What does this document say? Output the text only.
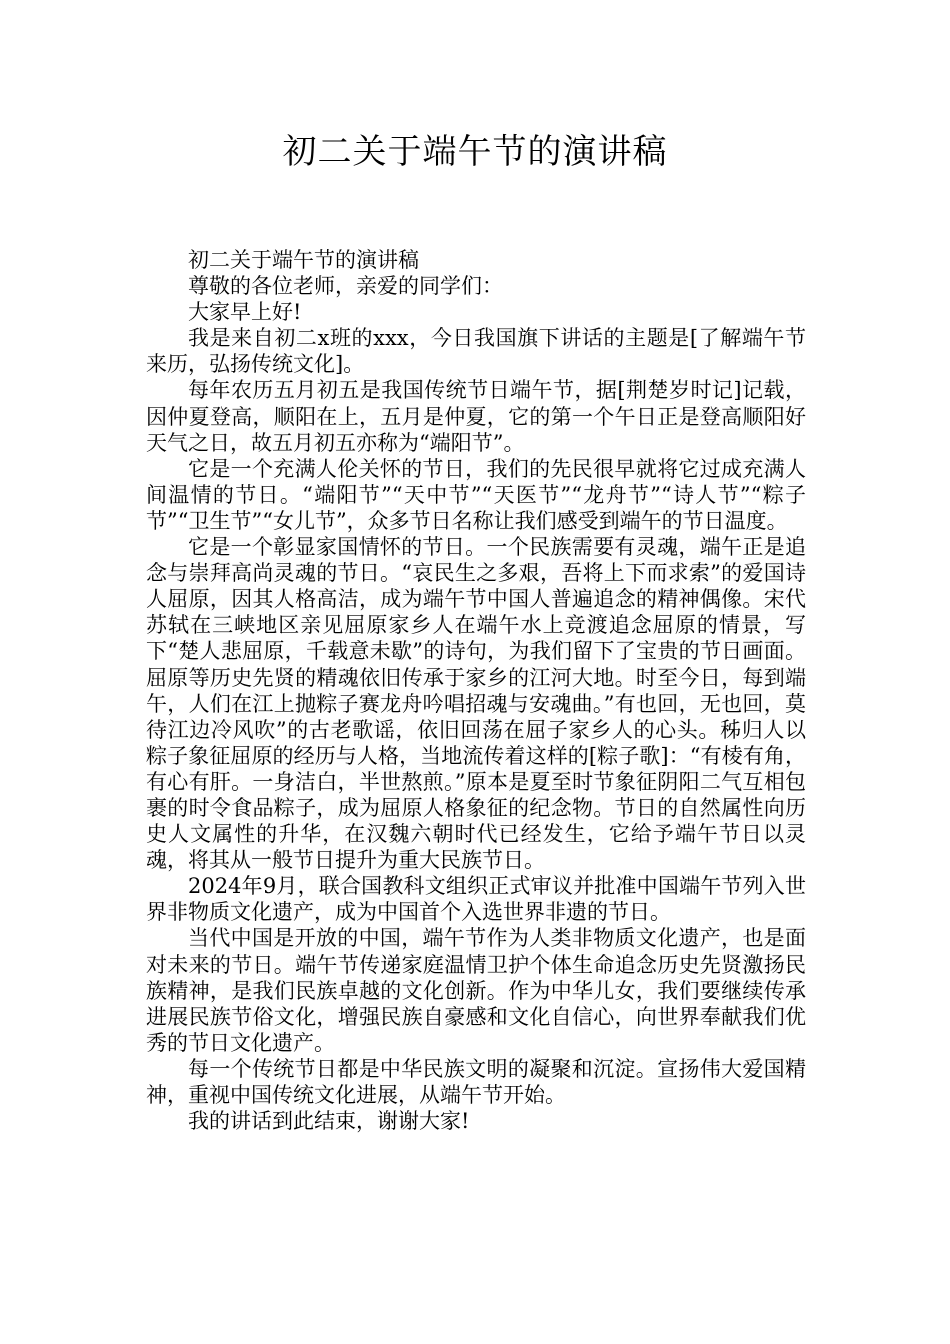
初二关于端午节的演讲稿

初二关于端午节的演讲稿

尊敬的各位老师，亲爱的同学们：

大家早上好!

我是来自初二x班的xxx，今日我国旗下讲话的主题是[了解端午节来历，弘扬传统文化]。

每年农历五月初五是我国传统节日端午节，据[荆楚岁时记]记载，因仲夏登高，顺阳在上，五月是仲夏，它的第一个午日正是登高顺阳好天气之日，故五月初五亦称为“端阳节”。

它是一个充满人伦关怀的节日，我们的先民很早就将它过成充满人间温情的节日。“端阳节”“天中节”“天医节”“龙舟节”“诗人节”“粽子节”“卫生节”“女儿节”，众多节日名称让我们感受到端午的节日温度。

它是一个彰显家国情怀的节日。一个民族需要有灵魂，端午正是追念与崇拜高尚灵魂的节日。“哀民生之多艰，吾将上下而求索”的爱国诗人屈原，因其人格高洁，成为端午节中国人普遍追念的精神偶像。宋代苏轼在三峡地区亲见屈原家乡人在端午水上竞渡追念屈原的情景，写下“楚人悲屈原，千载意未歇”的诗句，为我们留下了宝贵的节日画面。屈原等历史先贤的精魂依旧传承于家乡的江河大地。时至今日，每到端午，人们在江上抛粽子赛龙舟吟唱招魂与安魂曲。”有也回，无也回，莫待江边冷风吹”的古老歌谣，依旧回荡在屈子家乡人的心头。秭归人以粽子象征屈原的经历与人格，当地流传着这样的[粽子歌]：“有棱有角，有心有肝。一身洁白，半世熬煎。”原本是夏至时节象征阴阳二气互相包裹的时令食品粽子，成为屈原人格象征的纪念物。节日的自然属性向历史人文属性的升华，在汉魏六朝时代已经发生，它给予端午节日以灵魂，将其从一般节日提升为重大民族节日。

2024年9月，联合国教科文组织正式审议并批准中国端午节列入世界非物质文化遗产，成为中国首个入选世界非遗的节日。

当代中国是开放的中国，端午节作为人类非物质文化遗产，也是面对未来的节日。端午节传递家庭温情卫护个体生命追念历史先贤激扬民族精神，是我们民族卓越的文化创新。作为中华儿女，我们要继续传承进展民族节俗文化，增强民族自豪感和文化自信心，向世界奉献我们优秀的节日文化遗产。

每一个传统节日都是中华民族文明的凝聚和沉淀。宣扬伟大爱国精神，重视中国传统文化进展，从端午节开始。

我的讲话到此结束，谢谢大家!
